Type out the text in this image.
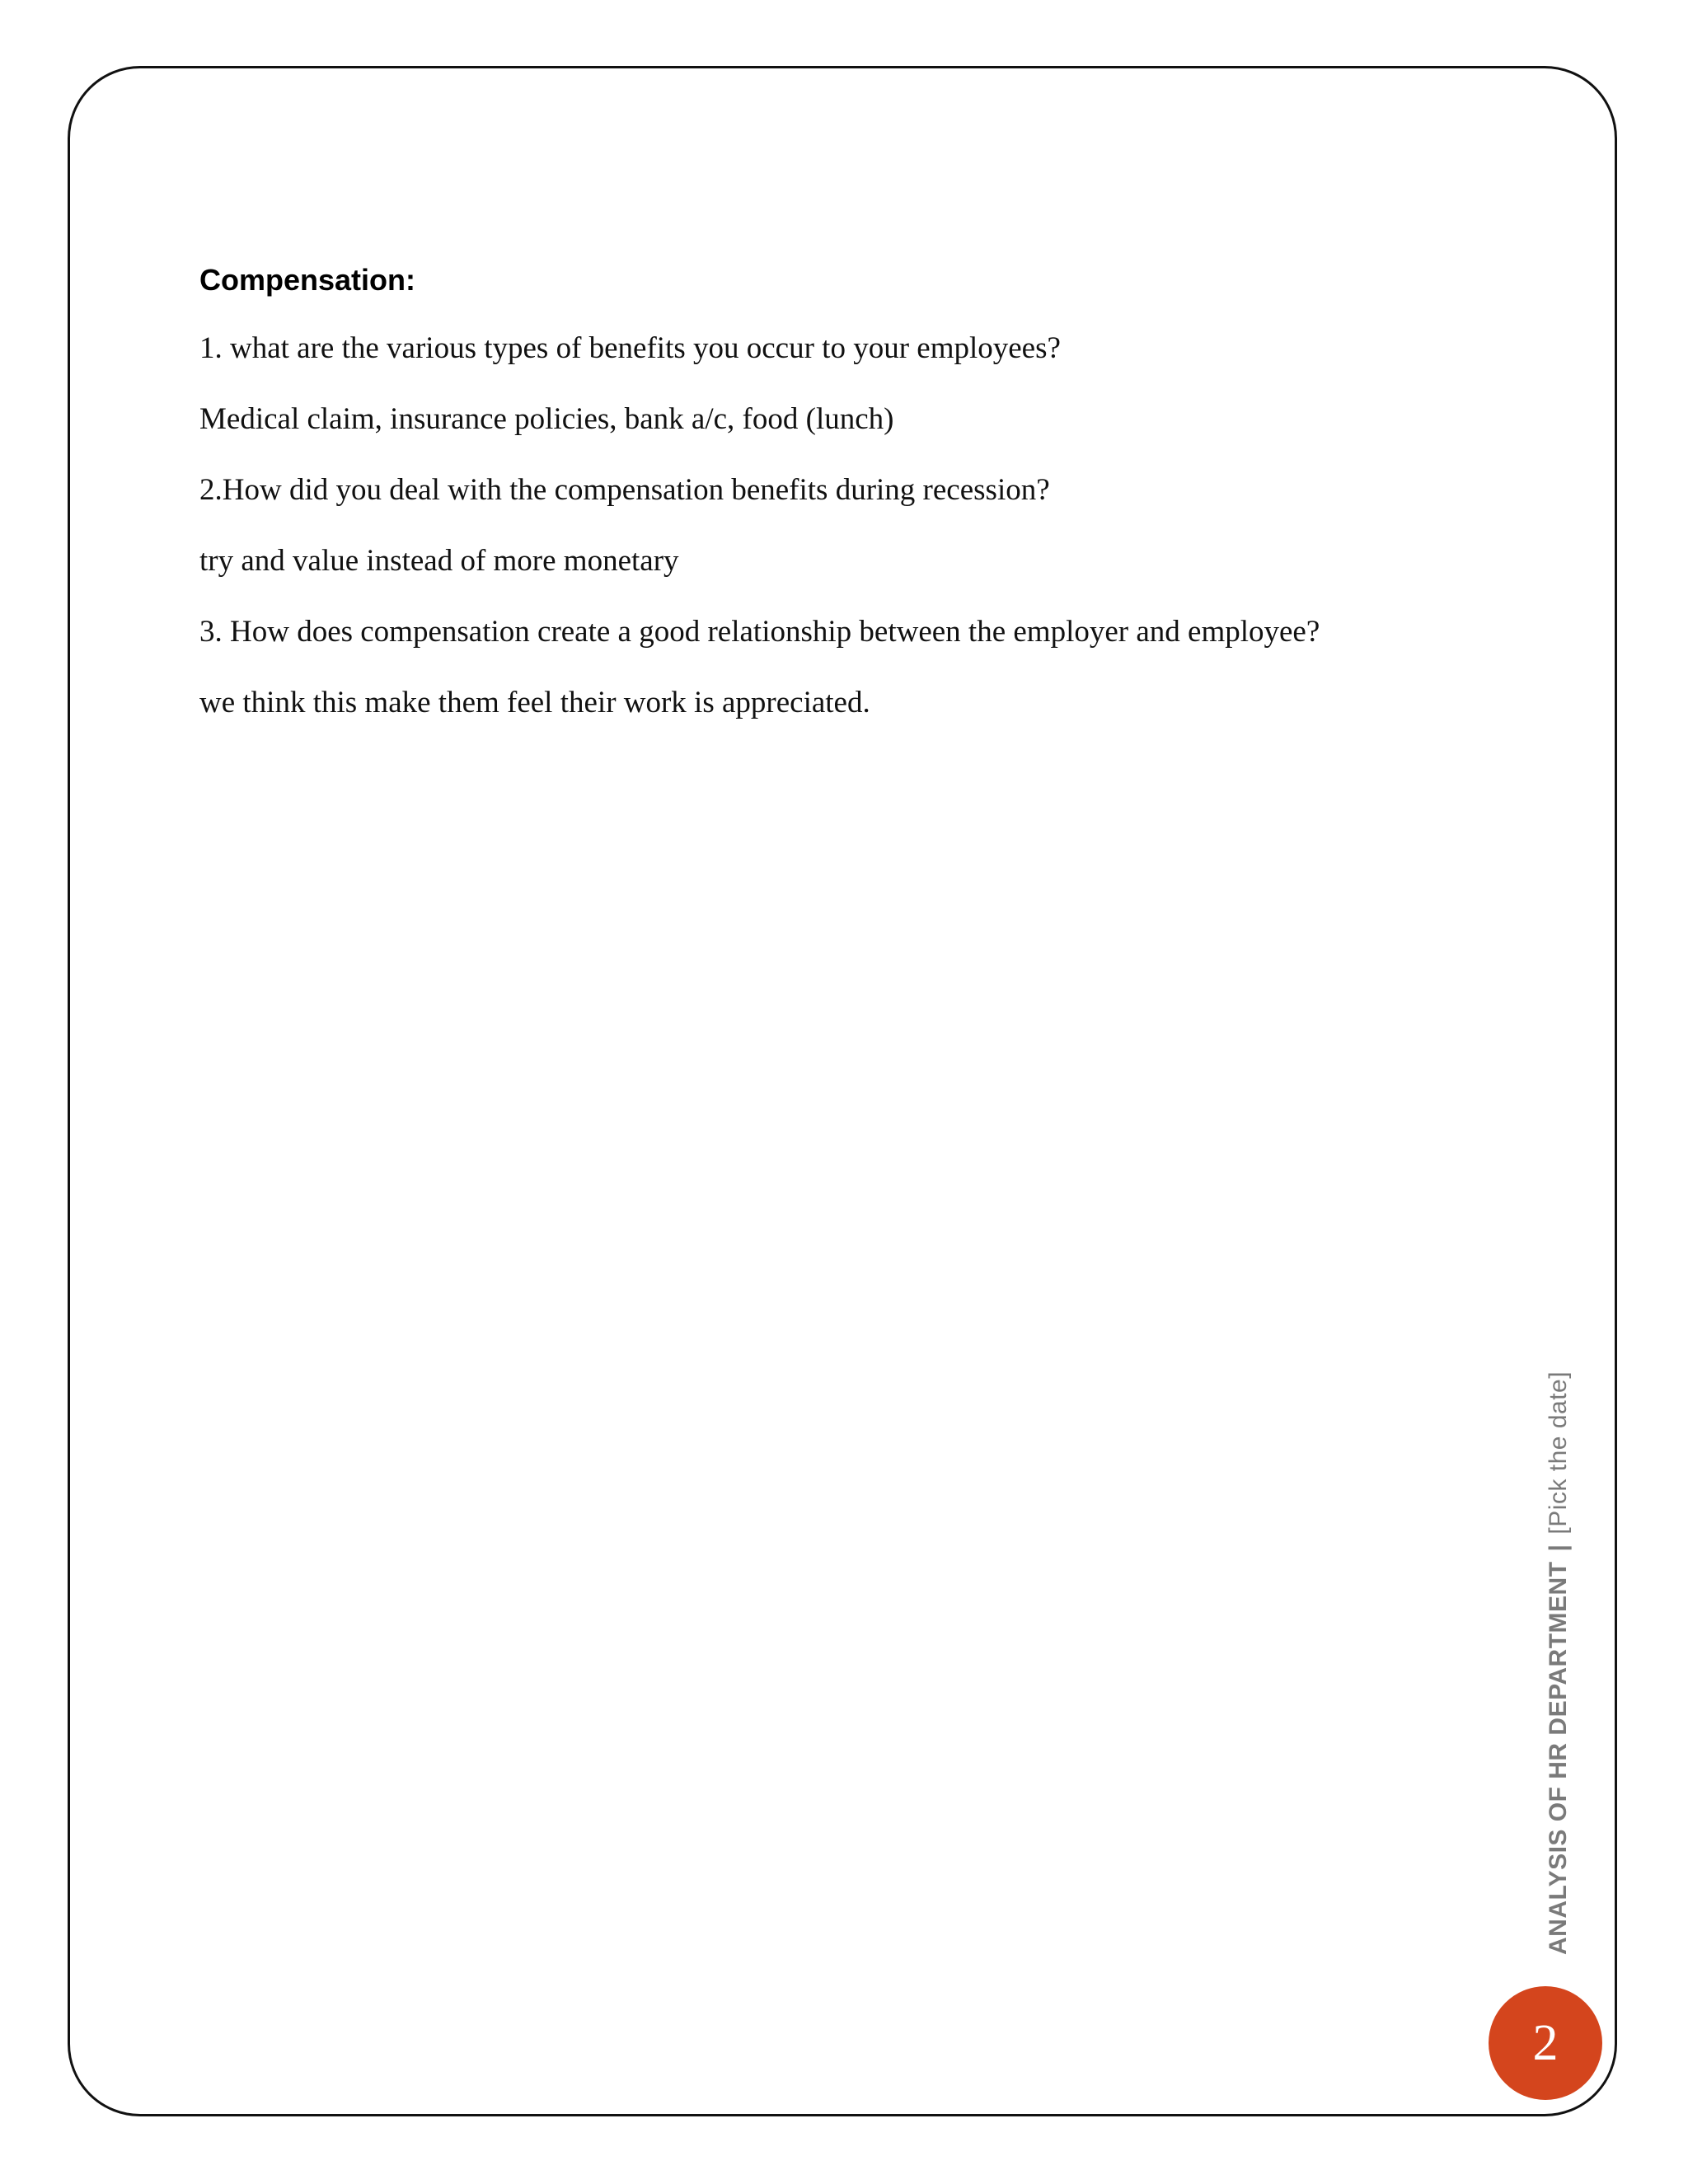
Compensation:
1. what are the various types of benefits you occur to your employees?
Medical claim, insurance policies, bank a/c, food (lunch)
2.How did you deal with the compensation benefits during recession?
try and value instead of more monetary
3. How does compensation create a good relationship between the employer and employee?
we think this make them feel their work is appreciated.
ANALYSIS OF HR DEPARTMENT|[Pick the date]
2
